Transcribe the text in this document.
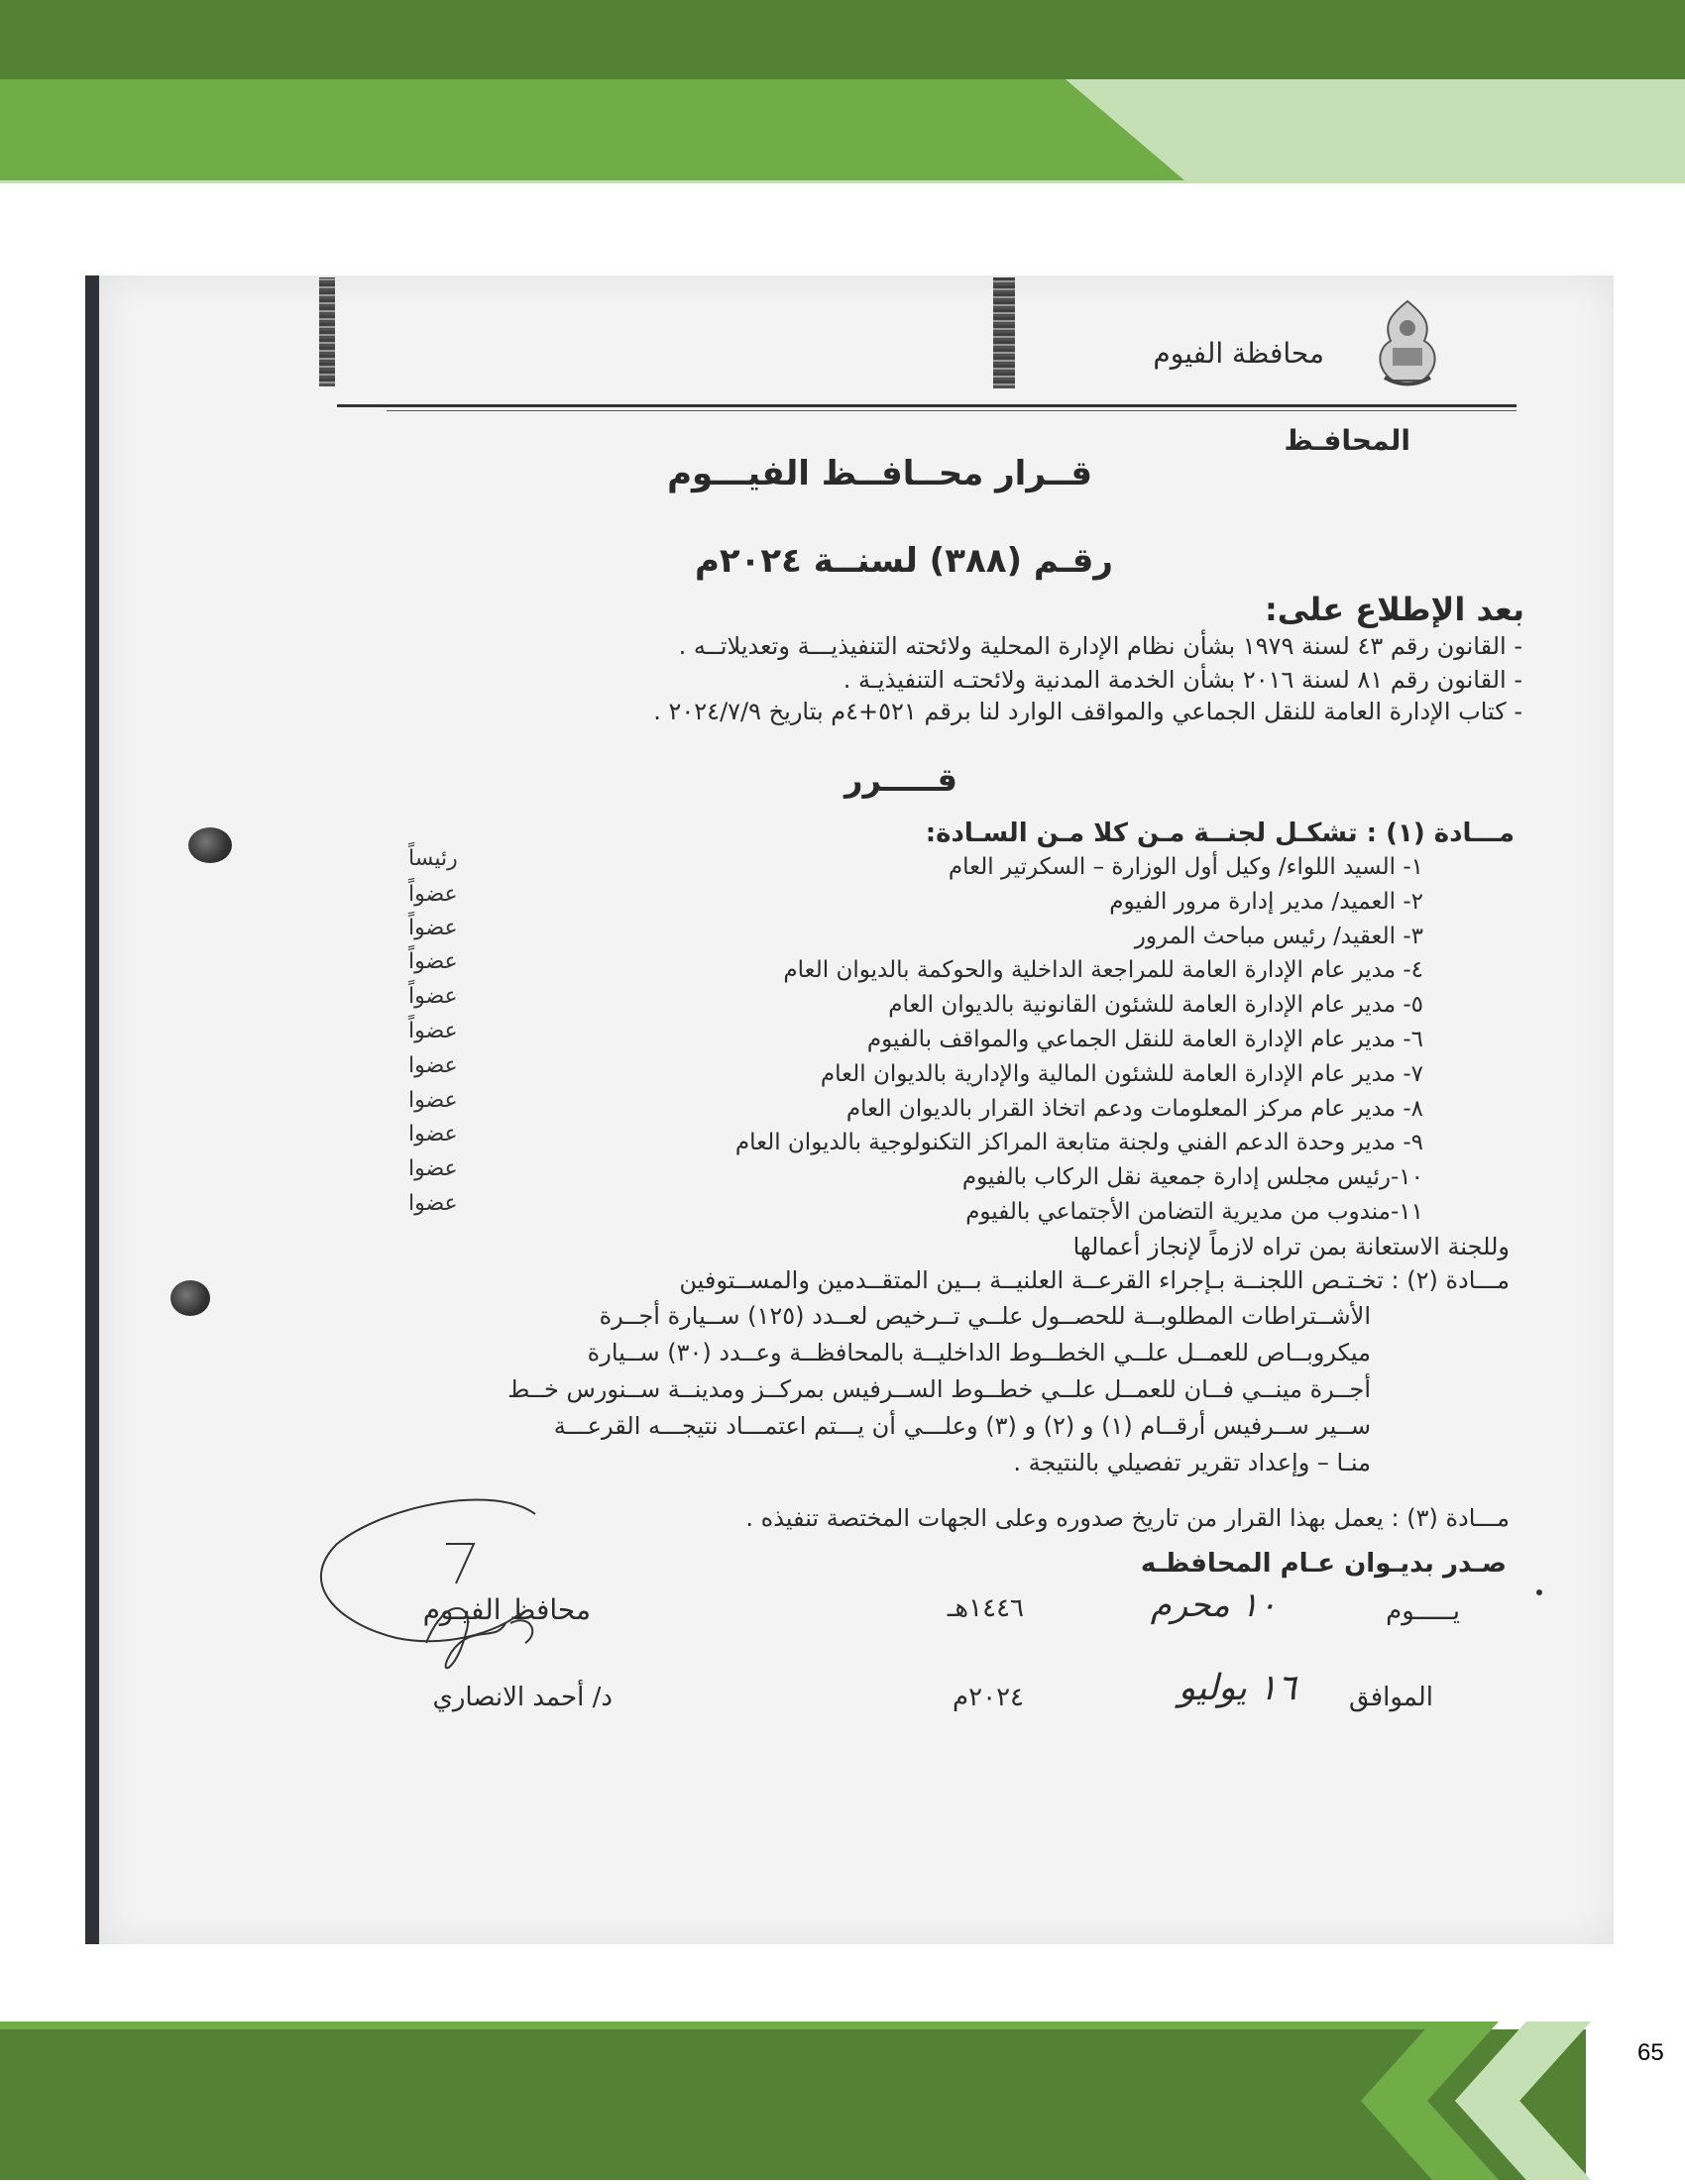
محافظة الفيوم
المحافـظ
قــرار محــافــظ الفيـــوم
رقـم (٣٨٨) لسنــة ٢٠٢٤م
بعد الإطلاع على:
- القانون رقم ٤٣ لسنة ١٩٧٩ بشأن نظام الإدارة المحلية ولائحته التنفيذيـــة وتعديلاتــه .
- القانون رقم ٨١ لسنة ٢٠١٦ بشأن الخدمة المدنية ولائحتـه التنفيذيـة .
- كتاب الإدارة العامة للنقل الجماعي والمواقف الوارد لنا برقم ٥٢١+٤م بتاريخ ٢٠٢٤/٧/٩ .
قـــــرر
مـــادة (١) : تشكـل لجنــة مـن كلا مـن السـادة:
١- السيد اللواء/ وكيل أول الوزارة – السكرتير العام
رئيساً
٢- العميد/ مدير إدارة مرور الفيوم
عضواً
٣- العقيد/ رئيس مباحث المرور
عضواً
٤- مدير عام الإدارة العامة للمراجعة الداخلية والحوكمة بالديوان العام
عضواً
٥- مدير عام الإدارة العامة للشئون القانونية بالديوان العام
عضواً
٦- مدير عام الإدارة العامة للنقل الجماعي والمواقف بالفيوم
عضواً
٧- مدير عام الإدارة العامة للشئون المالية والإدارية بالديوان العام
عضوا
٨- مدير عام مركز المعلومات ودعم اتخاذ القرار بالديوان العام
عضوا
٩- مدير وحدة الدعم الفني ولجنة متابعة المراكز التكنولوجية بالديوان العام
عضوا
١٠-رئيس مجلس إدارة جمعية نقل الركاب بالفيوم
عضوا
١١-مندوب من مديرية التضامن الأجتماعي بالفيوم
عضوا
وللجنة الاستعانة بمن تراه لازماً لإنجاز أعمالها
مـــادة (٢) : تخـتـص اللجنــة بـإجراء القرعــة العلنيــة بــين المتقــدمين والمســتوفين
الأشــتراطات المطلوبــة للحصــول علــي تــرخيص لعــدد (١٢٥) ســيارة أجــرة
ميكروبــاص للعمــل علــي الخطــوط الداخليــة بالمحافظــة وعــدد (٣٠) ســيارة
أجــرة مينــي فــان للعمــل علــي خطــوط الســرفيس بمركــز ومدينــة ســنورس خــط
ســير ســرفيس أرقــام (١) و (٢) و (٣) وعلـــي أن يـــتم اعتمـــاد نتيجـــه القرعـــة
منـا – وإعداد تقرير تفصيلي بالنتيجة .
مـــادة (٣) : يعمل بهذا القرار من تاريخ صدوره وعلى الجهات المختصة تنفيذه .
صـدر بديـوان عـام المحافظـه
يـــــوم
١٠ محرم
١٤٤٦هـ
محافظ الفيـوم
الموافق
١٦ يوليو
٢٠٢٤م
د/ أحمد الانصاري
65
